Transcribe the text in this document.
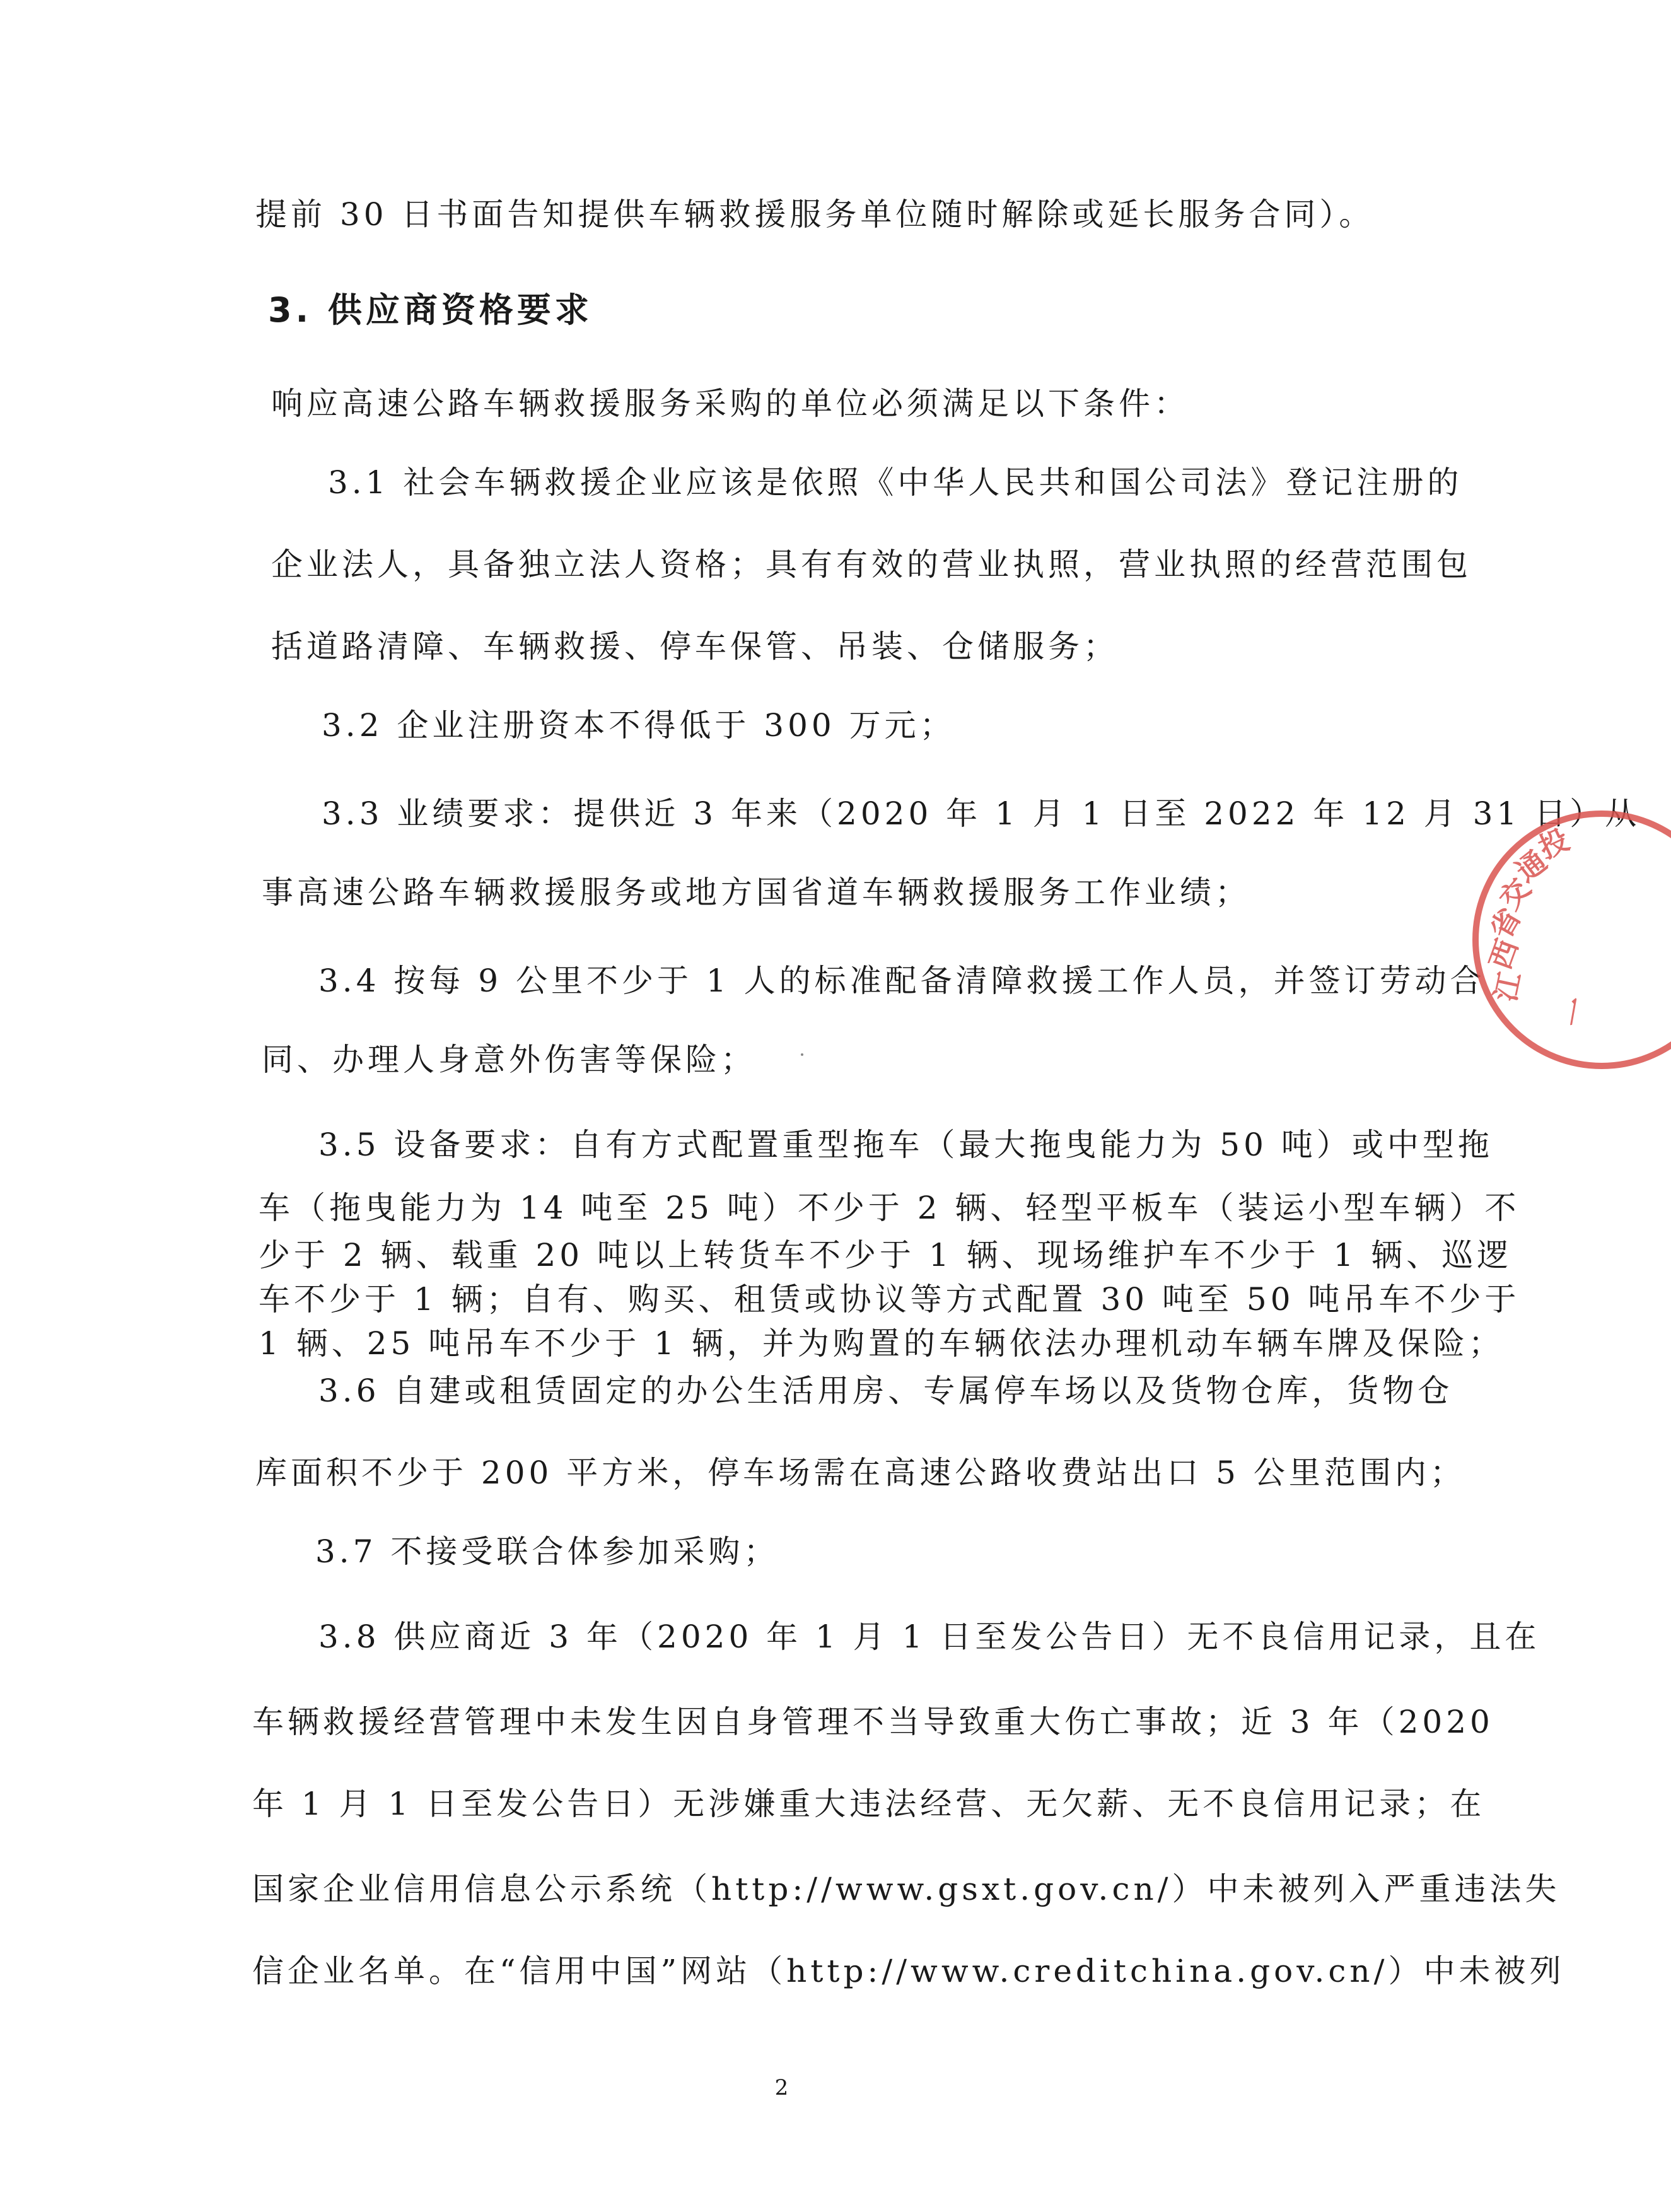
提前 30 日书面告知提供车辆救援服务单位随时解除或延长服务合同）。
3. 供应商资格要求
响应高速公路车辆救援服务采购的单位必须满足以下条件：
3.1 社会车辆救援企业应该是依照《中华人民共和国公司法》登记注册的
企业法人，具备独立法人资格；具有有效的营业执照，营业执照的经营范围包
括道路清障、车辆救援、停车保管、吊装、仓储服务；
3.2 企业注册资本不得低于 300 万元；
3.3 业绩要求：提供近 3 年来（2020 年 1 月 1 日至 2022 年 12 月 31 日）从
事高速公路车辆救援服务或地方国省道车辆救援服务工作业绩；
3.4 按每 9 公里不少于 1 人的标准配备清障救援工作人员，并签订劳动合
同、办理人身意外伤害等保险；
3.5 设备要求：自有方式配置重型拖车（最大拖曳能力为 50 吨）或中型拖
车（拖曳能力为 14 吨至 25 吨）不少于 2 辆、轻型平板车（装运小型车辆）不
少于 2 辆、载重 20 吨以上转货车不少于 1 辆、现场维护车不少于 1 辆、巡逻
车不少于 1 辆；自有、购买、租赁或协议等方式配置 30 吨至 50 吨吊车不少于
1 辆、25 吨吊车不少于 1 辆，并为购置的车辆依法办理机动车辆车牌及保险；
3.6 自建或租赁固定的办公生活用房、专属停车场以及货物仓库，货物仓
库面积不少于 200 平方米，停车场需在高速公路收费站出口 5 公里范围内；
3.7 不接受联合体参加采购；
3.8 供应商近 3 年（2020 年 1 月 1 日至发公告日）无不良信用记录，且在
车辆救援经营管理中未发生因自身管理不当导致重大伤亡事故；近 3 年（2020
年 1 月 1 日至发公告日）无涉嫌重大违法经营、无欠薪、无不良信用记录；在
国家企业信用信息公示系统（http://www.gsxt.gov.cn/）中未被列入严重违法失
信企业名单。在“信用中国”网站（http://www.creditchina.gov.cn/）中未被列
2
江
西
省
交
通
投
一
